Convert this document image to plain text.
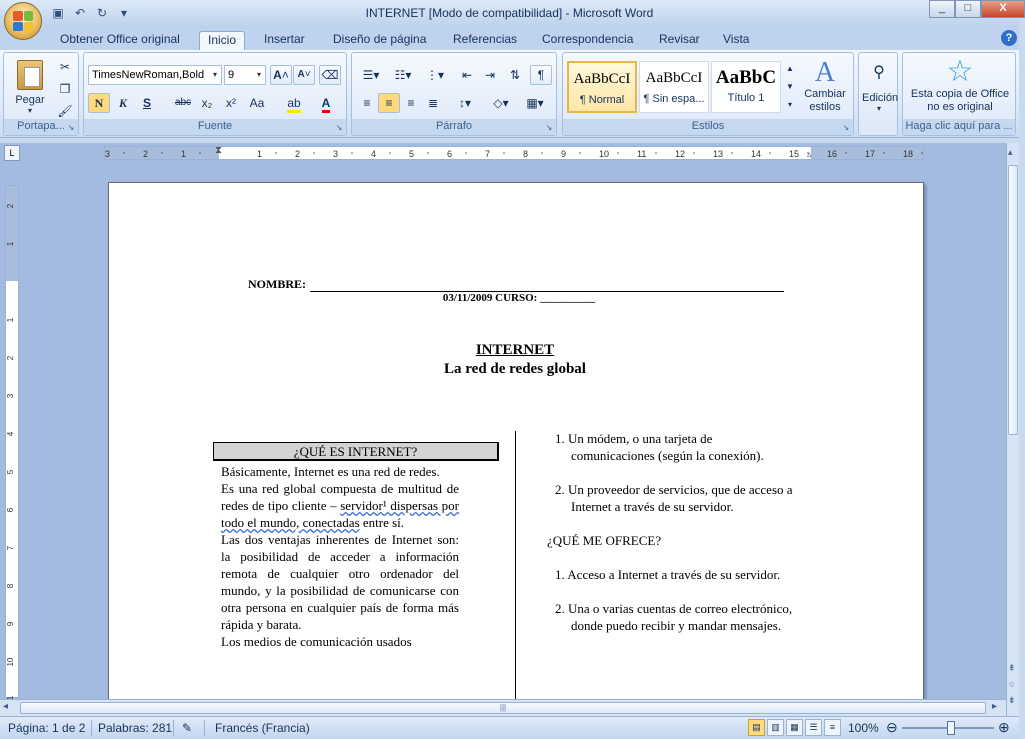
▣ ↶ ↻	▾	INTERNET [Modo de compatibilidad] - Microsoft Word	_	□	X
Obtener Office original	Inicio	Insertar	Diseño de página	Referencias	Correspondencia	Revisar	Vista	?
Pegar
▾
✂
❐
🖌
Portapa... ↘
TimesNewRoman,Bold	▾	9	▾	A˄ A˅ ⌫
N	K	S	abc x₂	x²	Aa	ab	A
Fuente	↘
☰▾	☷▾	⋮▾	⇤	⇥	⇅	¶
≡	≡	≡	≣	↕▾	◇▾	▦▾
Párrafo	↘
AaBbCcI
¶ Normal
AaBbCcI
¶ Sin espa...
AaBbC
Título 1
▲
▼
▾
A
Cambiar estilos
Estilos	↘
⚲
Edición
▾
☆
Esta copia de Office
no es original
Haga clic aquí para ...
L	3	2	1	1	2	3	4	5	6	7	8	9	10	11	12	13	14	15	16	17	18
⧗	▵
2
1
1
2
3
4
5
6
7
8
9
10
NOMBRE:
03/11/2009 CURSO: __________
INTERNET
La red de redes global
¿QUÉ ES INTERNET?

Básicamente, Internet es una red de redes.

Es una red global compuesta de multitud de redes de tipo cliente – servidor¹ dispersas por todo el mundo, conectadas entre sí.

Las dos ventajas inherentes de Internet son: la posibilidad de acceder a información remota de cualquier otro ordenador del mundo, y la posibilidad de comunicarse con otra persona en cualquier país de forma más rápida y barata.

Los medios de comunicación usados

1. Un módem, o una tarjeta de comunicaciones (según la conexión).
2. Un proveedor de servicios, que de acceso a Internet a través de su servidor.
¿QUÉ ME OFRECE?
1. Acceso a Internet a través de su servidor.
2. Una o varias cuentas de correo electrónico, donde puedo recibir y mandar mensajes.
◂	|||	▸
▴
⇞
○
⇟
Página: 1 de 2 Palabras: 281 ✎ Francés (Francia)	▤	▥	▦	☰	≡	100% ⊖	⊕
